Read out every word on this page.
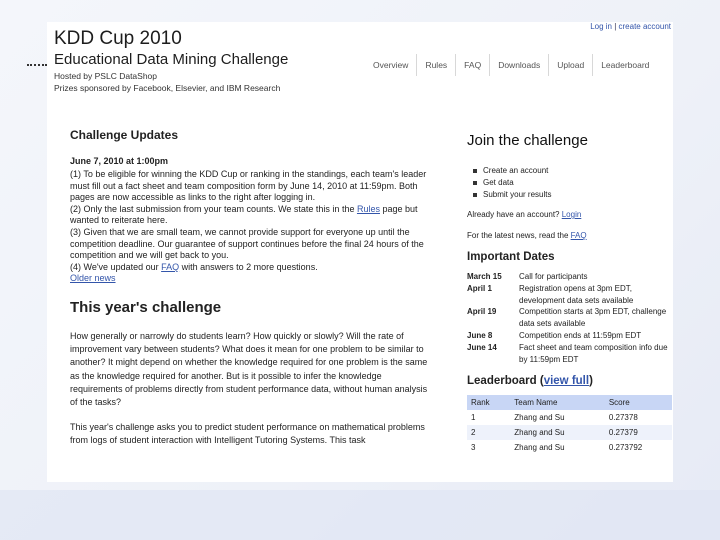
Log in | create account
KDD Cup 2010
Educational Data Mining Challenge
Hosted by PSLC DataShop
Prizes sponsored by Facebook, Elsevier, and IBM Research
Overview	Rules	FAQ	Downloads	Upload	Leaderboard
Challenge Updates
June 7, 2010 at 1:00pm
(1) To be eligible for winning the KDD Cup or ranking in the standings, each team's leader must fill out a fact sheet and team composition form by June 14, 2010 at 11:59pm. Both pages are now accessible as links to the right after logging in.
(2) Only the last submission from your team counts. We state this in the Rules page but wanted to reiterate here.
(3) Given that we are small team, we cannot provide support for everyone up until the competition deadline. Our guarantee of support continues before the final 24 hours of the competition and we will get back to you.
(4) We've updated our FAQ with answers to 2 more questions.
Older news
This year's challenge
How generally or narrowly do students learn? How quickly or slowly? Will the rate of improvement vary between students? What does it mean for one problem to be similar to another? It might depend on whether the knowledge required for one problem is the same as the knowledge required for another. But is it possible to infer the knowledge requirements of problems directly from student performance data, without human analysis of the tasks?
This year's challenge asks you to predict student performance on mathematical problems from logs of student interaction with Intelligent Tutoring Systems. This task
Join the challenge
Create an account
Get data
Submit your results
Already have an account? Login
For the latest news, read the FAQ
Important Dates
March 15	Call for participants
April 1	Registration opens at 3pm EDT, development data sets available
April 19	Competition starts at 3pm EDT, challenge data sets available
June 8	Competition ends at 11:59pm EDT
June 14	Fact sheet and team composition info due by 11:59pm EDT
Leaderboard (view full)
Rank	Team Name	Score
1	Zhang and Su	0.27378
2	Zhang and Su	0.27379
3	Zhang and Su	0.273792
